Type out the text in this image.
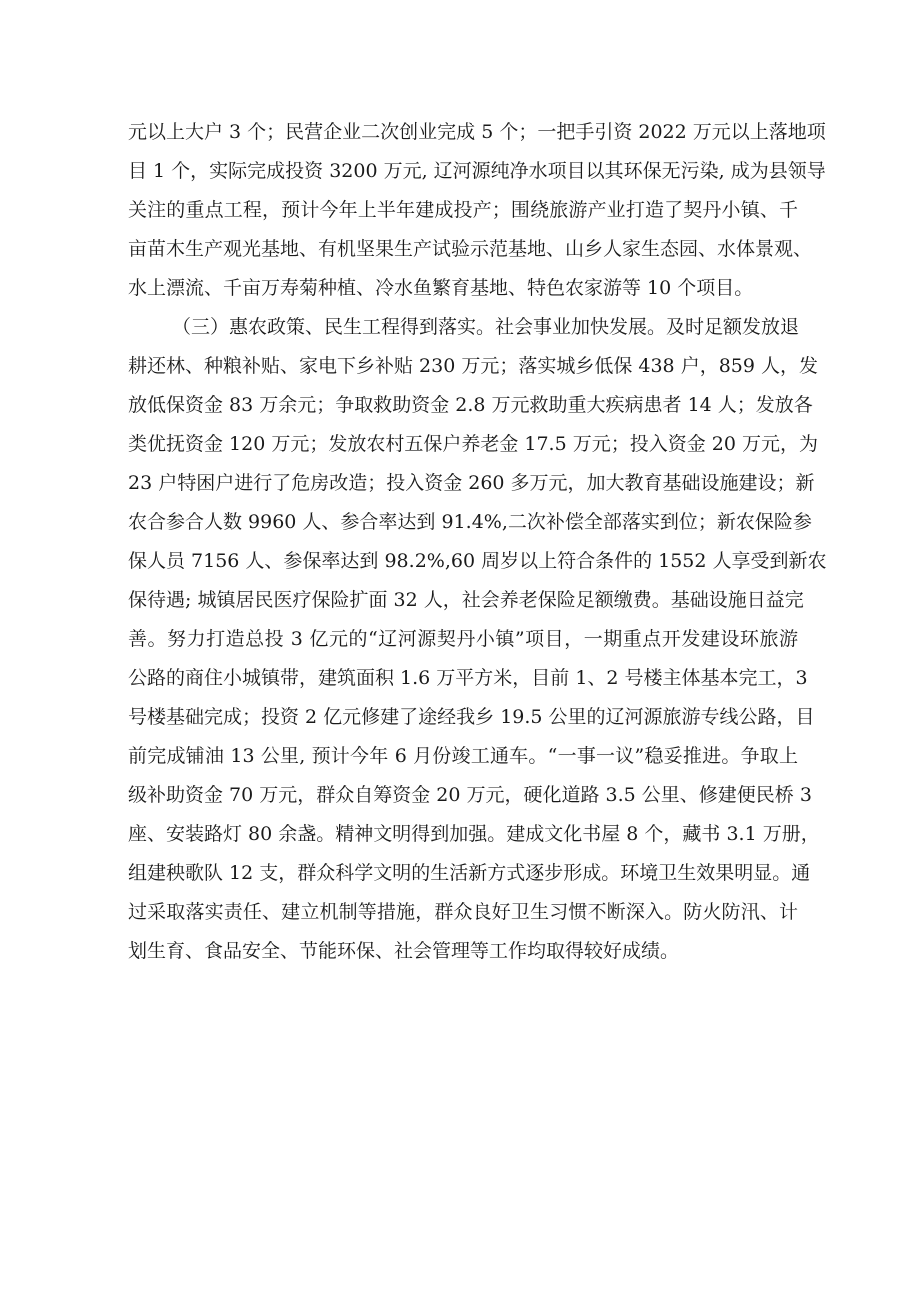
元以上大户 3 个；民营企业二次创业完成 5 个；一把手引资 2022 万元以上落地项
目 1 个，实际完成投资 3200 万元, 辽河源纯净水项目以其环保无污染, 成为县领导
关注的重点工程，预计今年上半年建成投产；围绕旅游产业打造了契丹小镇、千
亩苗木生产观光基地、有机坚果生产试验示范基地、山乡人家生态园、水体景观、
水上漂流、千亩万寿菊种植、冷水鱼繁育基地、特色农家游等 10 个项目。
（三）惠农政策、民生工程得到落实。社会事业加快发展。及时足额发放退
耕还林、种粮补贴、家电下乡补贴 230 万元；落实城乡低保 438 户，859 人，发
放低保资金 83 万余元；争取救助资金 2.8 万元救助重大疾病患者 14 人；发放各
类优抚资金 120 万元；发放农村五保户养老金 17.5 万元；投入资金 20 万元，为
23 户特困户进行了危房改造；投入资金 260 多万元，加大教育基础设施建设；新
农合参合人数 9960 人、参合率达到 91.4%,二次补偿全部落实到位；新农保险参
保人员 7156 人、参保率达到 98.2%,60 周岁以上符合条件的 1552 人享受到新农
保待遇; 城镇居民医疗保险扩面 32 人，社会养老保险足额缴费。基础设施日益完
善。努力打造总投 3 亿元的“辽河源契丹小镇”项目，一期重点开发建设环旅游
公路的商住小城镇带，建筑面积 1.6 万平方米，目前 1、2 号楼主体基本完工，3
号楼基础完成；投资 2 亿元修建了途经我乡 19.5 公里的辽河源旅游专线公路，目
前完成铺油 13 公里, 预计今年 6 月份竣工通车。“一事一议”稳妥推进。争取上
级补助资金 70 万元，群众自筹资金 20 万元，硬化道路 3.5 公里、修建便民桥 3
座、安装路灯 80 余盏。精神文明得到加强。建成文化书屋 8 个，藏书 3.1 万册，
组建秧歌队 12 支，群众科学文明的生活新方式逐步形成。环境卫生效果明显。通
过采取落实责任、建立机制等措施，群众良好卫生习惯不断深入。防火防汛、计
划生育、食品安全、节能环保、社会管理等工作均取得较好成绩。
